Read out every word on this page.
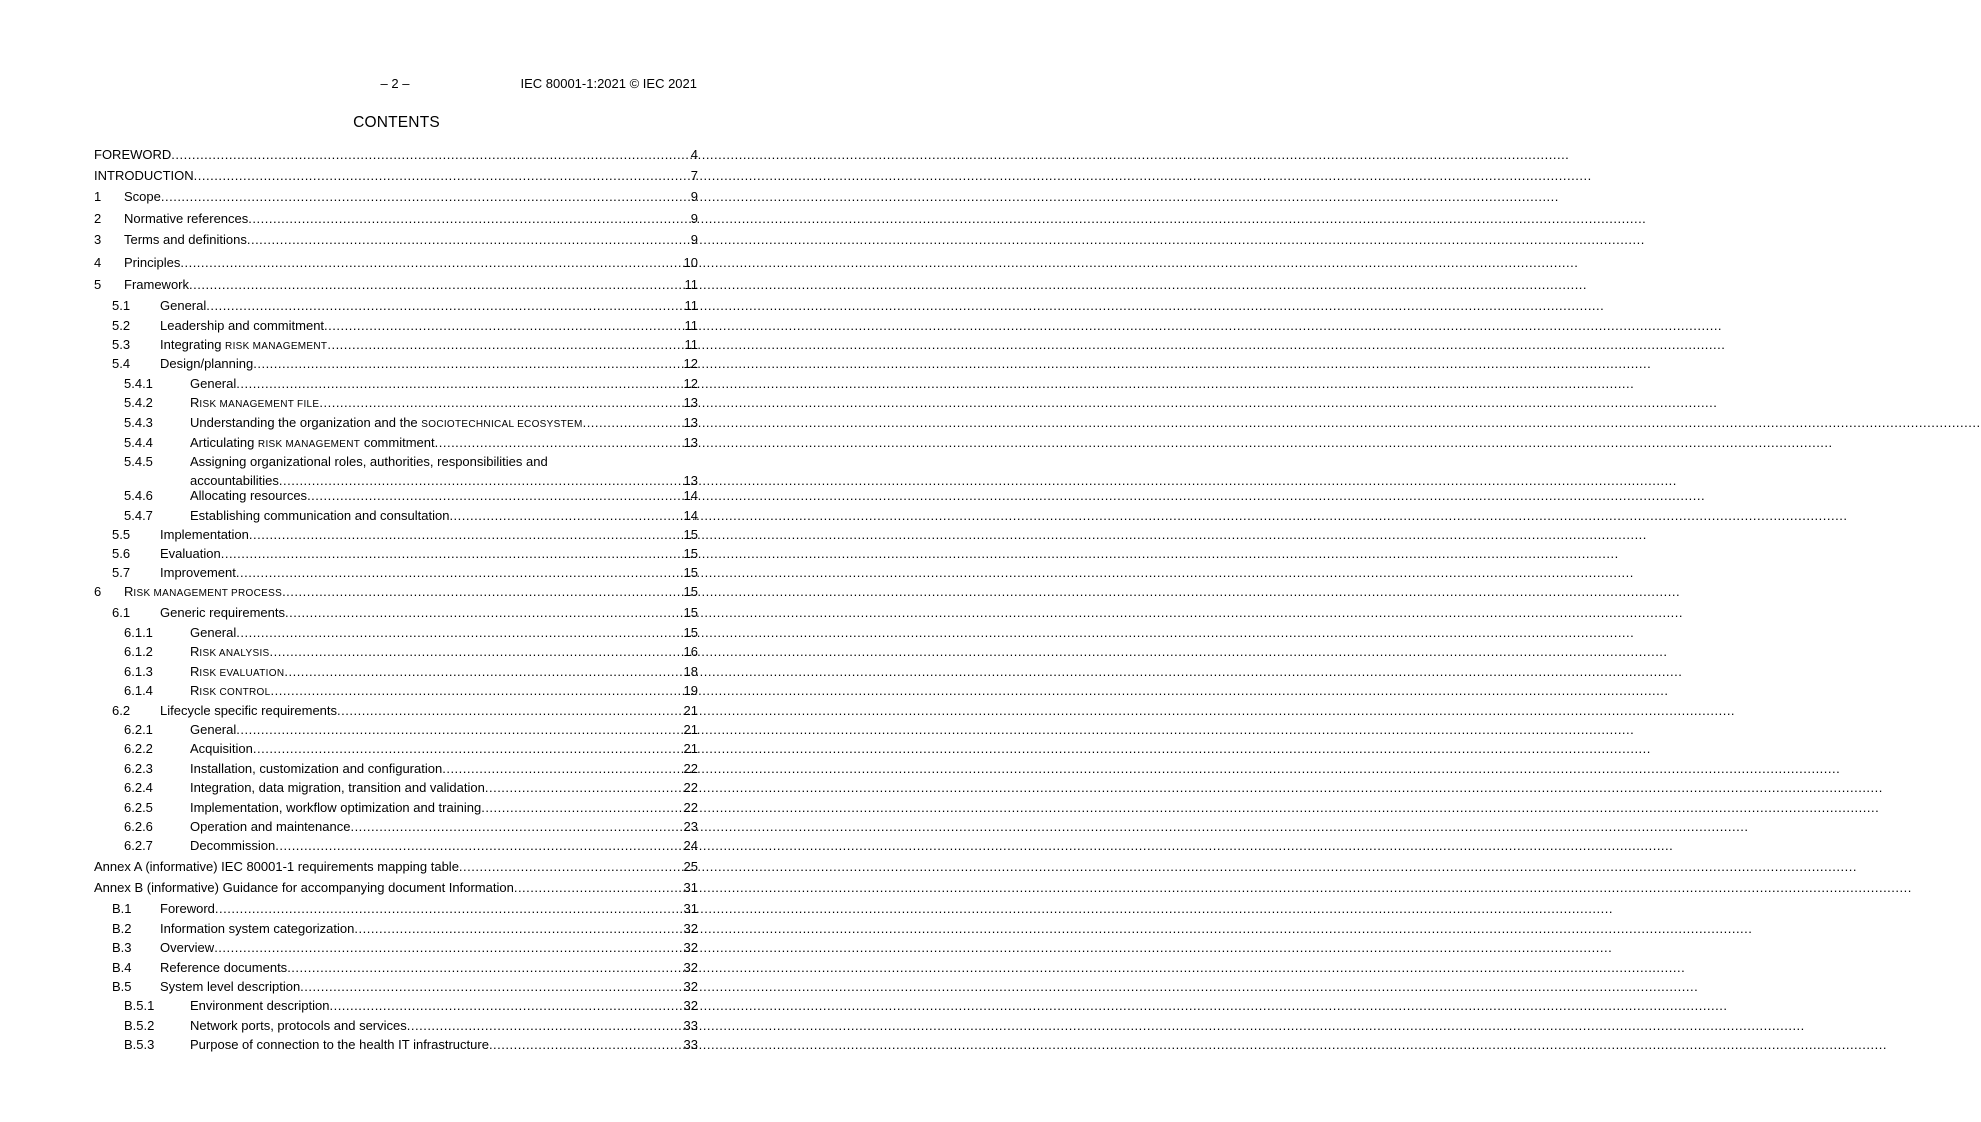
– 2 –	IEC 80001-1:2021 © IEC 2021
CONTENTS
FOREWORD .....	4
INTRODUCTION .....	7
1 Scope .....	9
2 Normative references .....	9
3 Terms and definitions .....	9
4 Principles .....	10
5 Framework .....	11
5.1 General .....	11
5.2 Leadership and commitment .....	11
5.3 Integrating RISK MANAGEMENT .....	11
5.4 Design/planning .....	12
5.4.1	General .....	12
5.4.2	RISK MANAGEMENT FILE .....	13
5.4.3	Understanding the organization and the SOCIOTECHNICAL ECOSYSTEM .....	13
5.4.4	Articulating RISK MANAGEMENT commitment .....	13
5.4.5	Assigning organizational roles, authorities, responsibilities and
accountabilities .....	13
5.4.6	Allocating resources .....	14
5.4.7	Establishing communication and consultation .....	14
5.5 Implementation .....	15
5.6 Evaluation .....	15
5.7 Improvement .....	15
6 RISK MANAGEMENT PROCESS .....	15
6.1 Generic requirements .....	15
6.1.1	General .....	15
6.1.2	RISK ANALYSIS .....	16
6.1.3	RISK EVALUATION .....	18
6.1.4	RISK CONTROL .....	19
6.2 Lifecycle specific requirements .....	21
6.2.1	General .....	21
6.2.2	Acquisition .....	21
6.2.3	Installation, customization and configuration .....	22
6.2.4	Integration, data migration, transition and validation .....	22
6.2.5	Implementation, workflow optimization and training .....	22
6.2.6	Operation and maintenance .....	23
6.2.7	Decommission .....	24
Annex A (informative) IEC 80001-1 requirements mapping table .....	25
Annex B (informative) Guidance for accompanying document Information .....	31
B.1 Foreword .....	31
B.2 Information system categorization .....	32
B.3 Overview .....	32
B.4 Reference documents .....	32
B.5 System level description .....	32
B.5.1	Environment description .....	32
B.5.2	Network ports, protocols and services .....	33
B.5.3	Purpose of connection to the health IT infrastructure .....	33
